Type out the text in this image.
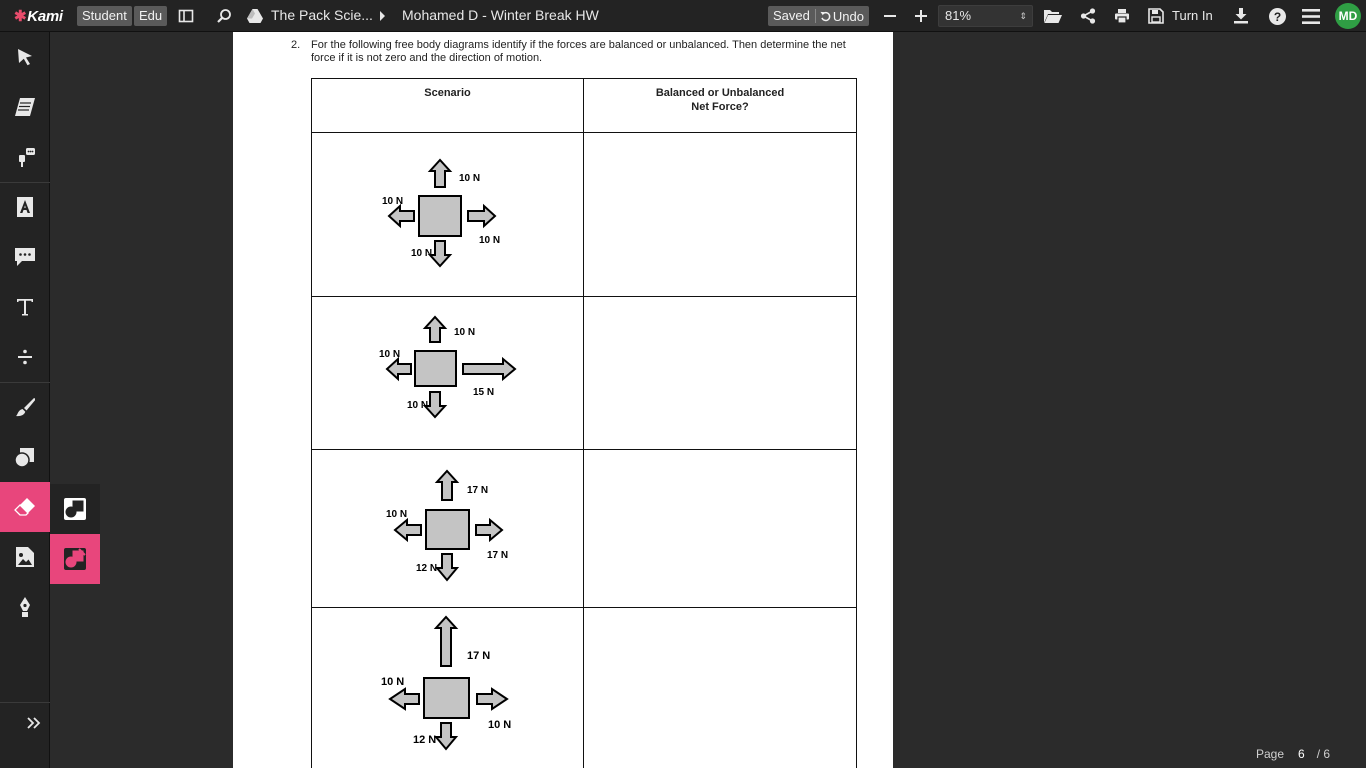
✱Kami	Student Edu	The Pack Scie... Mohamed D - Winter Break HW	Saved	Undo	81%	⇕	Turn In	?	MD
2. For the following free body diagrams identify if the forces are balanced or unbalanced. Then determine the net force if it is not zero and the direction of motion.

Scenario	Balanced or Unbalanced
Net Force?

10 N
10 N
10 N
10 N	

10 N
10 N
15 N
10 N	

17 N
10 N
17 N
12 N	

17 N
10 N
10 N
12 N	

Page 6 / 6
